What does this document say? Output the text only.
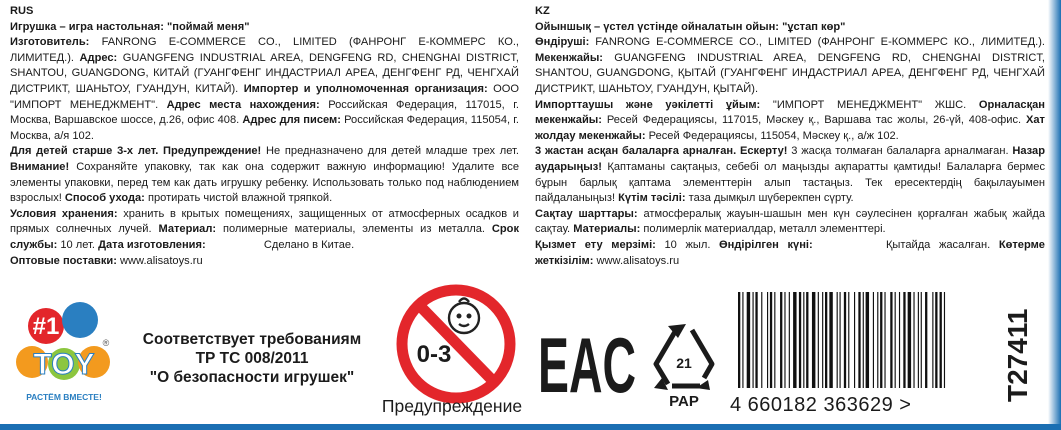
RUS

Игрушка – игра настольная: "поймай меня"

Изготовитель: FANRONG E-COMMERCE CO., LIMITED (ФАНРОНГ Е-КОММЕРС КО., ЛИМИТЕД.). Адрес: GUANGFENG INDUSTRIAL AREA, DENGFENG RD, CHENGHAI DISTRICT, SHANTOU, GUANGDONG, КИТАЙ (ГУАНГФЕНГ ИНДАСТРИАЛ АРЕА, ДЕНГФЕНГ РД, ЧЕНГХАЙ ДИСТРИКТ, ШАНЬТОУ, ГУАНДУН, КИТАЙ). Импортер и уполномоченная организация: ООО "ИМПОРТ МЕНЕДЖМЕНТ". Адрес места нахождения: Российская Федерация, 117015, г. Москва, Варшавское шоссе, д.26, офис 408. Адрес для писем: Российская Федерация, 115054, г. Москва, а/я 102.

Для детей старше 3-х лет. Предупреждение! Не предназначено для детей младше трех лет. Внимание! Сохраняйте упаковку, так как она содержит важную информацию! Удалите все элементы упаковки, перед тем как дать игрушку ребенку. Использовать только под наблюдением взрослых! Способ ухода: протирать чистой влажной тряпкой.

Условия хранения: хранить в крытых помещениях, защищенных от атмосферных осадков и прямых солнечных лучей. Материал: полимерные материалы, элементы из металла. Срок службы: 10 лет. Дата изготовления:	Сделано в Китае.

Оптовые поставки: www.alisatoys.ru

KZ

Ойыншық – үстел үстінде ойналатын ойын: "ұстап көр"

Өндіруші: FANRONG E-COMMERCE CO., LIMITED (ФАНРОНГ Е-КОММЕРС КО., ЛИМИТЕД.). Мекенжайы: GUANGFENG INDUSTRIAL AREA, DENGFENG RD, CHENGHAI DISTRICT, SHANTOU, GUANGDONG, ҚЫТАЙ (ГУАНГФЕНГ ИНДАСТРИАЛ АРЕА, ДЕНГФЕНГ РД, ЧЕНГХАЙ ДИСТРИКТ, ШАНЬТОУ, ГУАНДУН, ҚЫТАЙ).

Импорттаушы және уәкілетті ұйым: "ИМПОРТ МЕНЕДЖМЕНТ" ЖШС. Орналасқан мекенжайы: Ресей Федерациясы, 117015, Мәскеу қ., Варшава тас жолы, 26-үй, 408-офис. Хат жолдау мекенжайы: Ресей Федерациясы, 115054, Мәскеу қ., а/ж 102.

3 жастан асқан балаларға арналған. Ескерту! 3 жасқа толмаған балаларға арналмаған. Назар аударыңыз! Қаптаманы сақтаңыз, себебі ол маңызды ақпаратты қамтиды! Балаларға бермес бұрын барлық қаптама элементтерін алып тастаңыз. Тек ересектердің бақылауымен пайдаланыңыз! Күтім тәсілі: таза дымқыл шүберекпен сүрту.

Сақтау шарттары: атмосфералық жауын-шашын мен күн сәулесінен қорғалған жабық жайда сақтау. Материалы: полимерлік материалдар, металл элементтері.

Қызмет ету мерзімі: 10 жыл. Өндірілген күні:	Қытайда жасалған. Көтерме жеткізілім: www.alisatoys.ru

#1
TOY
®
РАСТЁМ ВМЕСТЕ!
Соответствует требованиям
ТР ТС 008/2011
"О безопасности игрушек"
0-3
Предупреждение EAC	21
PAP 4 660182 363629 >
T27411
